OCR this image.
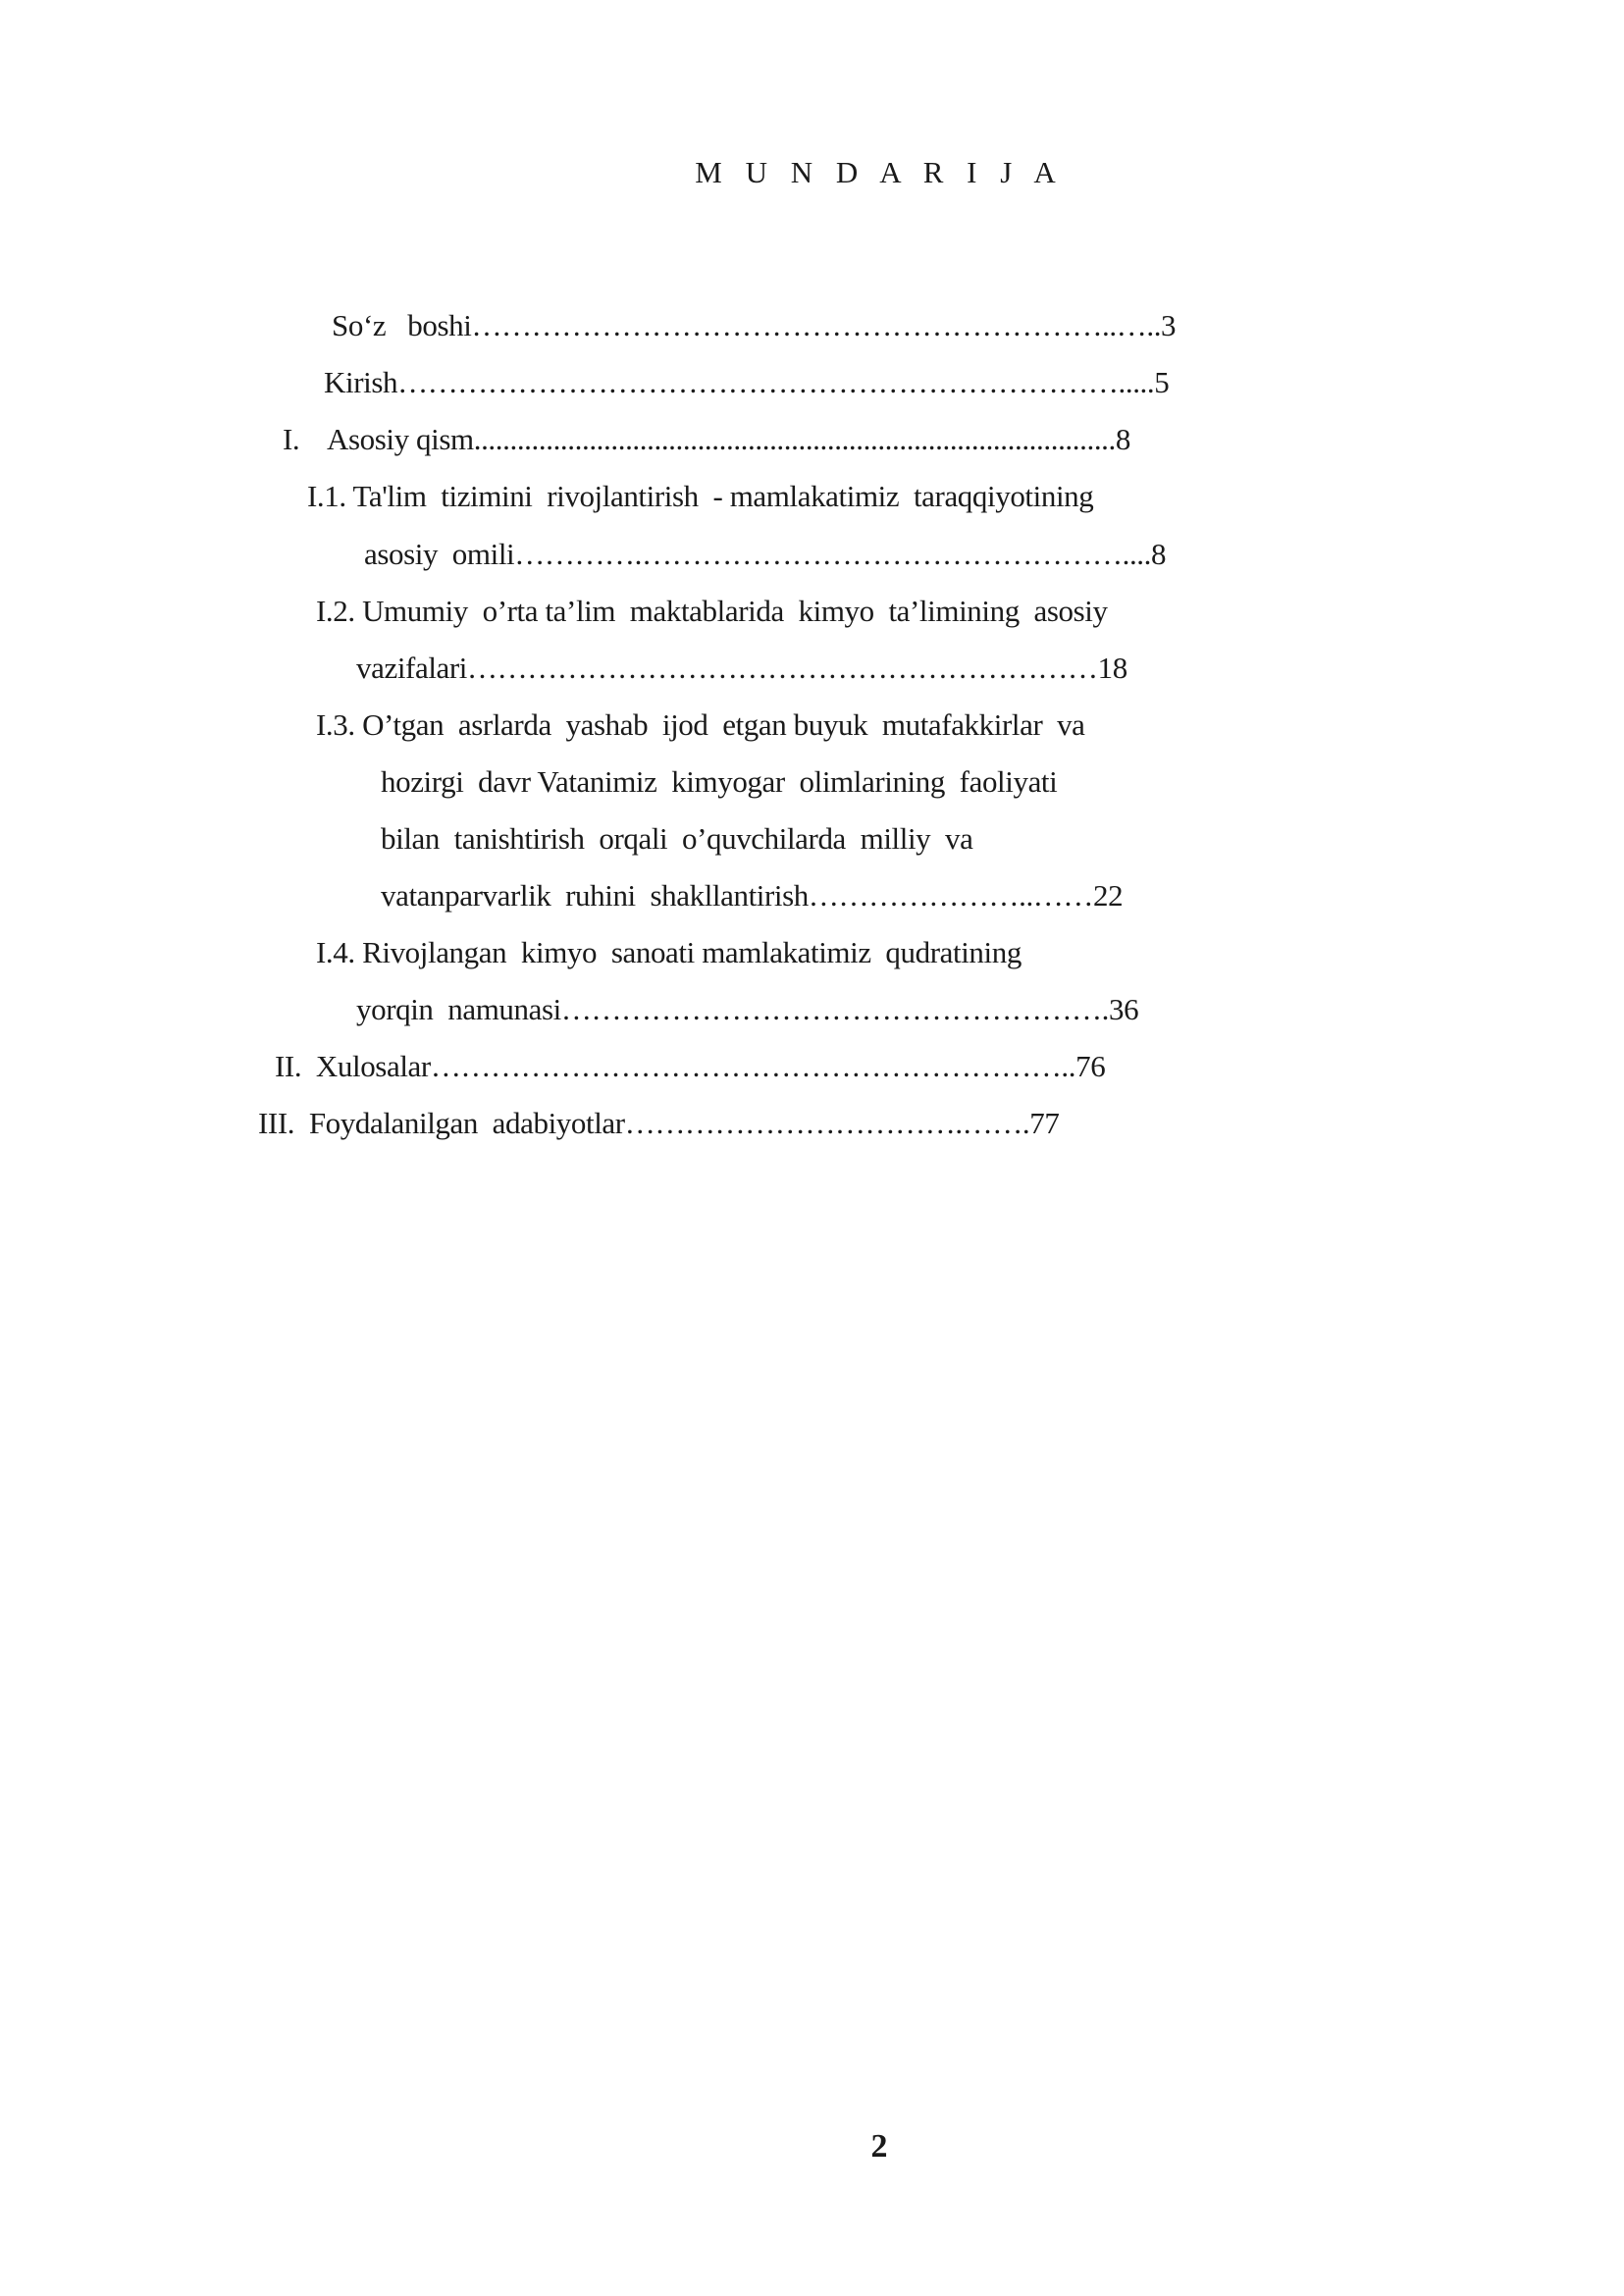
M U N D A R I J A
So‘z   boshi………………………………………………………..…..3
Kirish……………………………………………………………….....5
I.    Asosiy qism.........................................................................................8
I.1. Ta'lim  tizimini  rivojlantirish  - mamlakatimiz  taraqqiyotining
asosiy  omili………….…………………………………………....8
I.2. Umumiy  o’rta ta’lim  maktablarida  kimyo  ta’limining  asosiy
vazifalari………………………………………………………18
I.3. O’tgan  asrlarda  yashab  ijod  etgan buyuk  mutafakkirlar  va
hozirgi  davr Vatanimiz  kimyogar  olimlarining  faoliyati
bilan  tanishtirish  orqali  o’quvchilarda  milliy  va
vatanparvarlik  ruhini  shakllantirish…………………..……22
I.4. Rivojlangan  kimyo  sanoati mamlakatimiz  qudratining
yorqin  namunasi……………………………………………….36
II.  Xulosalar………………………………………………………..76
III.  Foydalanilgan  adabiyotlar…………………………….…….77
2
